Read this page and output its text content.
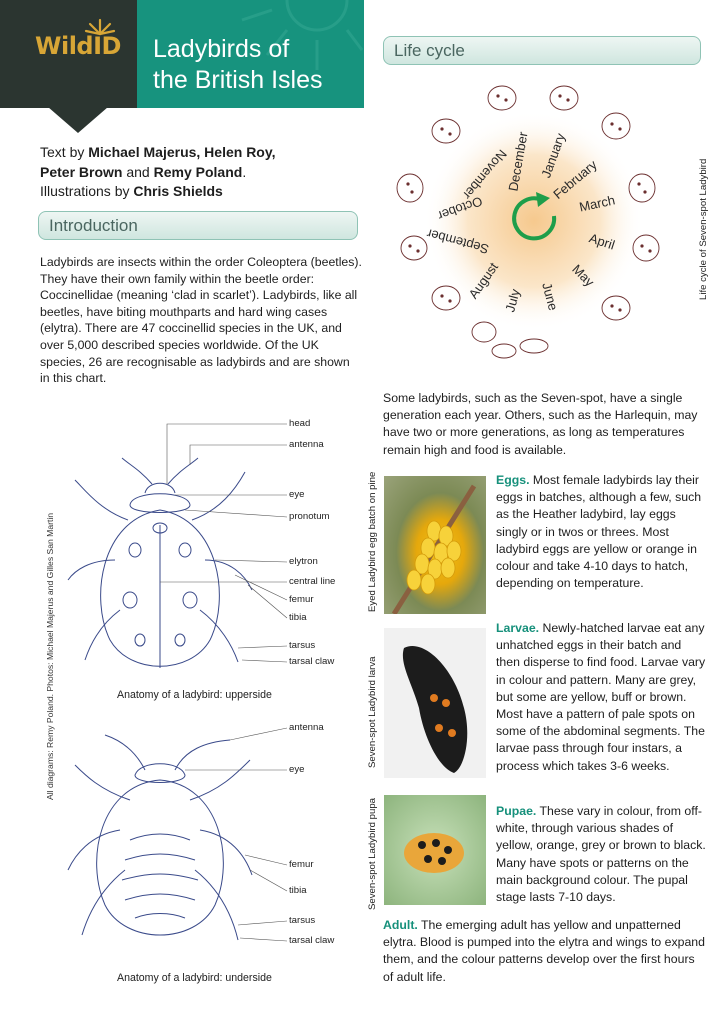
WildID Ladybirds of
the British Isles
Text by Michael Majerus, Helen Roy,
Peter Brown and Remy Poland.
Illustrations by Chris Shields
Introduction
Life cycle
Ladybirds are insects within the order Coleoptera (beetles). They have their own family within the beetle order: Coccinellidae (meaning ‘clad in scarlet’). Ladybirds, like all beetles, have biting mouthparts and hard wing cases (elytra). There are 47 coccinellid species in the UK, and over 5,000 described species worldwide. Of the UK species, 26 are recognisable as ladybirds and are shown in this chart.
head
antenna
eye
pronotum
elytron
central line
femur
tibia
tarsus
tarsal claw
Anatomy of a ladybird: upperside
antenna
eye
femur
tibia
tarsus
tarsal claw
Anatomy of a ladybird: underside
All diagrams: Remy Poland. Photos: Michael Majerus and Gilles San Martin
January
February
March
April
May
June
July
August
September
October
November
December	Life cycle of Seven-spot Ladybird
Some ladybirds, such as the Seven-spot, have a single generation each year. Others, such as the Harlequin, may have two or more generations, as long as temperatures remain high and food is available.
Eyed Ladybird egg batch on pine	Eggs. Most female ladybirds lay their eggs in batches, although a few, such as the Heather ladybird, lay eggs singly or in twos or threes. Most ladybird eggs are yellow or orange in colour and take 4-10 days to hatch, depending on temperature.
Seven-spot Ladybird larva
Larvae. Newly-hatched larvae eat any unhatched eggs in their batch and then disperse to find food. Larvae vary in colour and pattern. Many are grey, but some are yellow, buff or brown. Most have a pattern of pale spots on some of the abdominal segments. The larvae pass through four instars, a process which takes 3-6 weeks.
Seven-spot Ladybird pupa	Pupae. These vary in colour, from off-white, through various shades of yellow, orange, grey or brown to black. Many have spots or patterns on the main background colour. The pupal stage lasts 7-10 days.
Adult. The emerging adult has yellow and unpatterned elytra. Blood is pumped into the elytra and wings to expand them, and the colour patterns develop over the first hours of adult life.
